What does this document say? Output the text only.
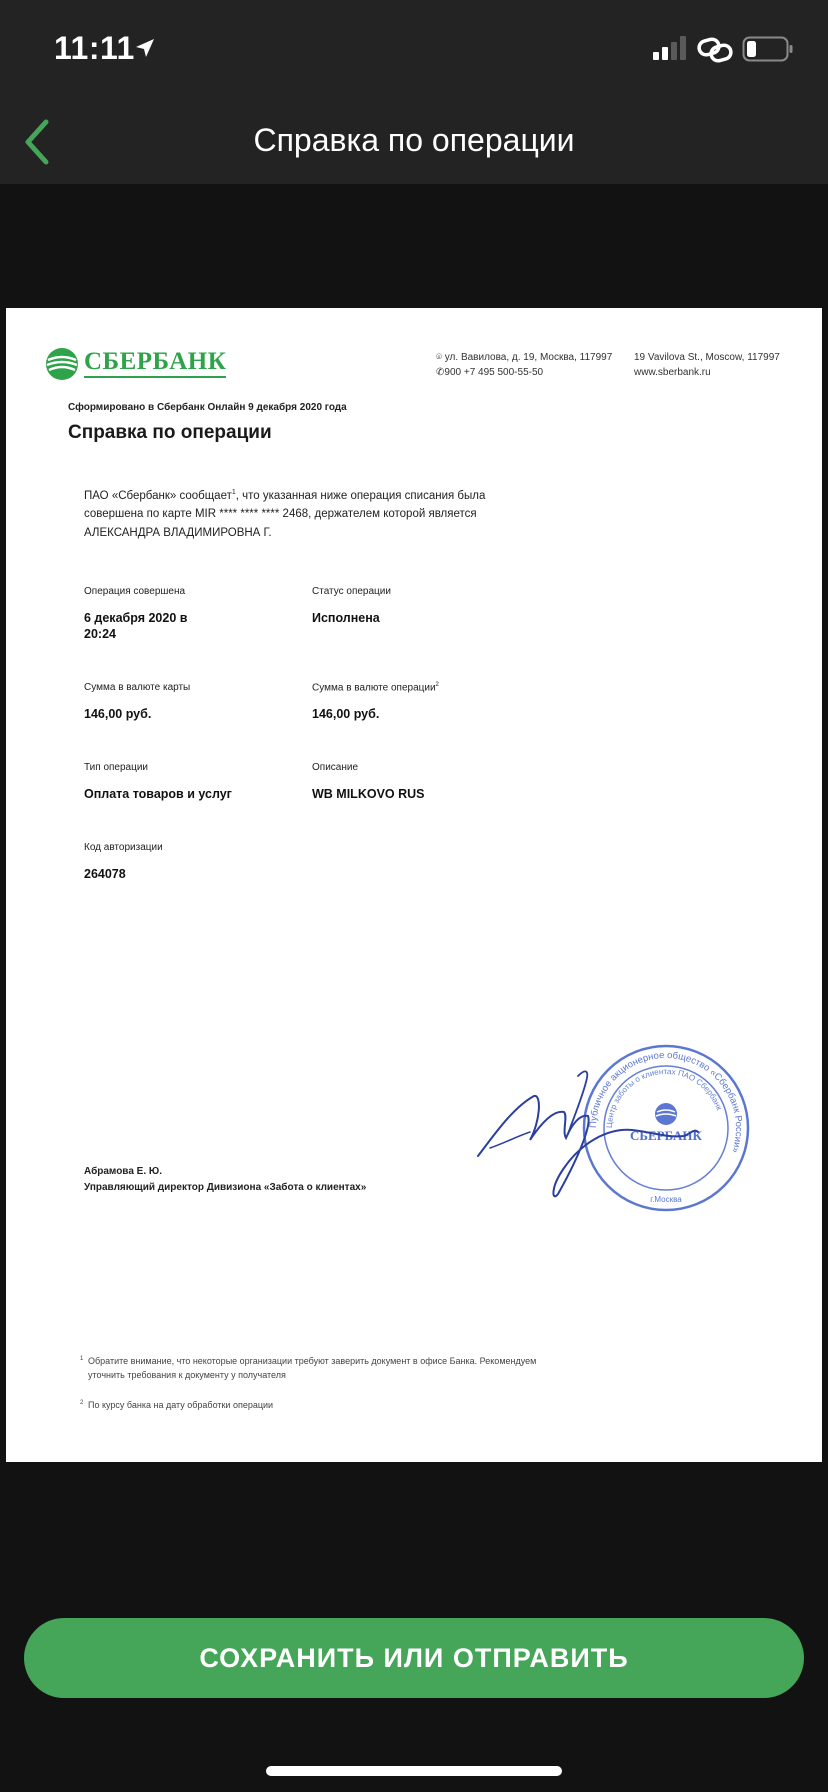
11:11
Справка по операции
СБЕРБАНК	⌾ ул. Вавилова, д. 19, Москва, 117997
✆900 +7 495 500-55-50
19 Vavilova St., Moscow, 117997
www.sberbank.ru
Сформировано в Сбербанк Онлайн 9 декабря 2020 года
Справка по операции
ПАО «Сбербанк» сообщает$^1$, что указанная ниже операция списания была совершена по карте MIR **** **** **** 2468, держателем которой является АЛЕКСАНДРА ВЛАДИМИРОВНА Г.
Операция совершена
6 декабря 2020 в 20:24
Статус операции
Исполнена
Сумма в валюте карты
146,00 руб.
Сумма в валюте операции$^2$
146,00 руб.
Тип операции
Оплата товаров и услуг
Описание
WB MILKOVO RUS
Код авторизации
264078
Абрамова Е. Ю.
Управляющий директор Дивизиона «Забота о клиентах»
Публичное акционерное общество «Сбербанк России»
Центр заботы о клиентах ПАО Сбербанк
СБЕРБАНК
г.Москва
1 Обратите внимание, что некоторые организации требуют заверить документ в офисе Банка. Рекомендуем уточнить требования к документу у получателя
2 По курсу банка на дату обработки операции
СОХРАНИТЬ ИЛИ ОТПРАВИТЬ
